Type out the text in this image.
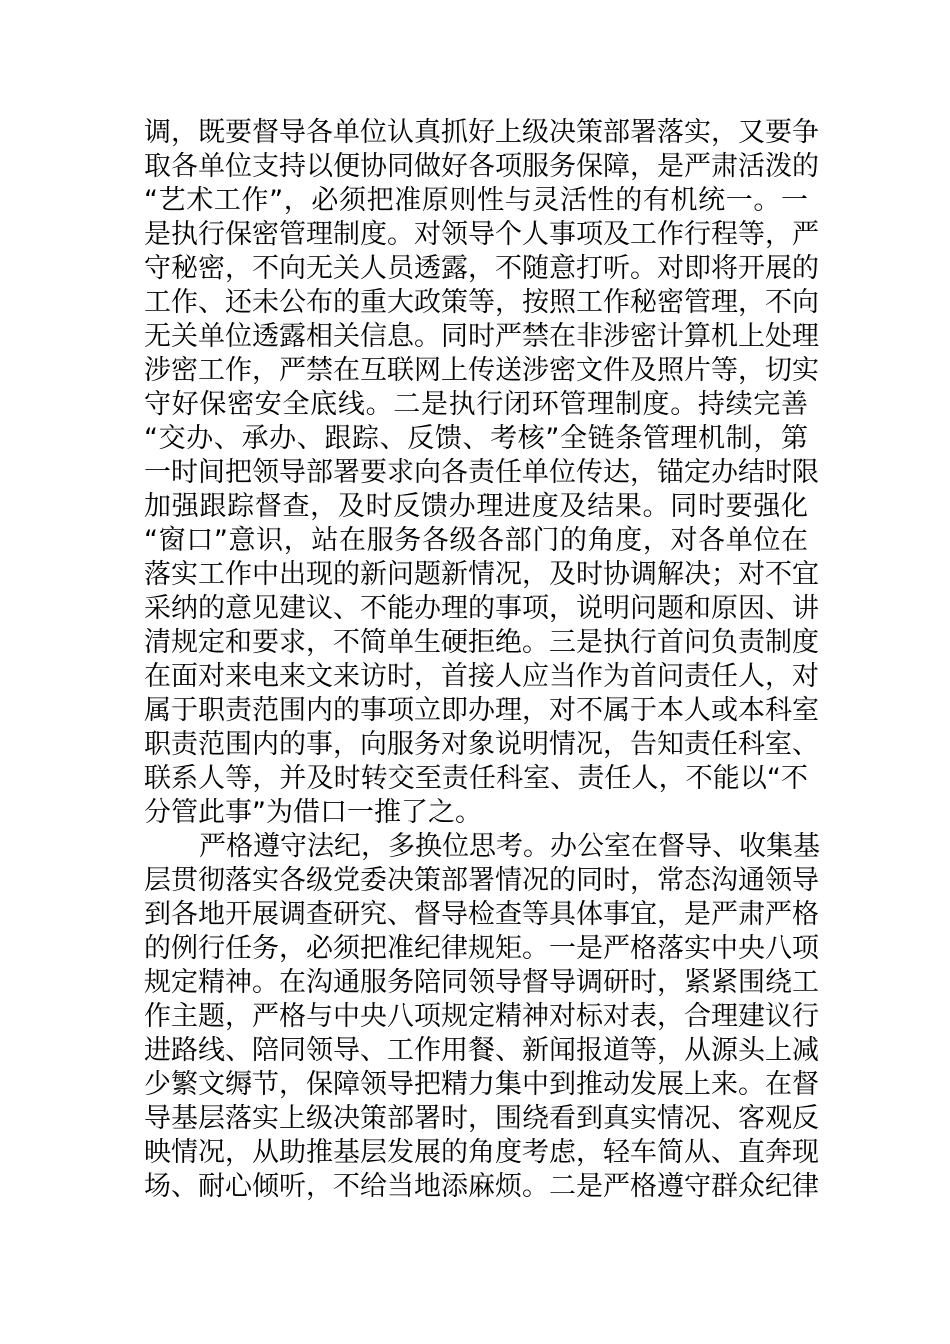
调，既要督导各单位认真抓好上级决策部署落实，又要争
取各单位支持以便协同做好各项服务保障，是严肃活泼的
“艺术工作”，必须把准原则性与灵活性的有机统一。一
是执行保密管理制度。对领导个人事项及工作行程等，严
守秘密，不向无关人员透露，不随意打听。对即将开展的
工作、还未公布的重大政策等，按照工作秘密管理，不向
无关单位透露相关信息。同时严禁在非涉密计算机上处理
涉密工作，严禁在互联网上传送涉密文件及照片等，切实
守好保密安全底线。二是执行闭环管理制度。持续完善
“交办、承办、跟踪、反馈、考核”全链条管理机制，第
一时间把领导部署要求向各责任单位传达，锚定办结时限
加强跟踪督查，及时反馈办理进度及结果。同时要强化
“窗口”意识，站在服务各级各部门的角度，对各单位在
落实工作中出现的新问题新情况，及时协调解决；对不宜
采纳的意见建议、不能办理的事项，说明问题和原因、讲
清规定和要求，不简单生硬拒绝。三是执行首问负责制度
在面对来电来文来访时，首接人应当作为首问责任人，对
属于职责范围内的事项立即办理，对不属于本人或本科室
职责范围内的事，向服务对象说明情况，告知责任科室、
联系人等，并及时转交至责任科室、责任人，不能以“不
分管此事”为借口一推了之。
严格遵守法纪，多换位思考。办公室在督导、收集基
层贯彻落实各级党委决策部署情况的同时，常态沟通领导
到各地开展调查研究、督导检查等具体事宜，是严肃严格
的例行任务，必须把准纪律规矩。一是严格落实中央八项
规定精神。在沟通服务陪同领导督导调研时，紧紧围绕工
作主题，严格与中央八项规定精神对标对表，合理建议行
进路线、陪同领导、工作用餐、新闻报道等，从源头上减
少繁文缛节，保障领导把精力集中到推动发展上来。在督
导基层落实上级决策部署时，围绕看到真实情况、客观反
映情况，从助推基层发展的角度考虑，轻车简从、直奔现
场、耐心倾听，不给当地添麻烦。二是严格遵守群众纪律
